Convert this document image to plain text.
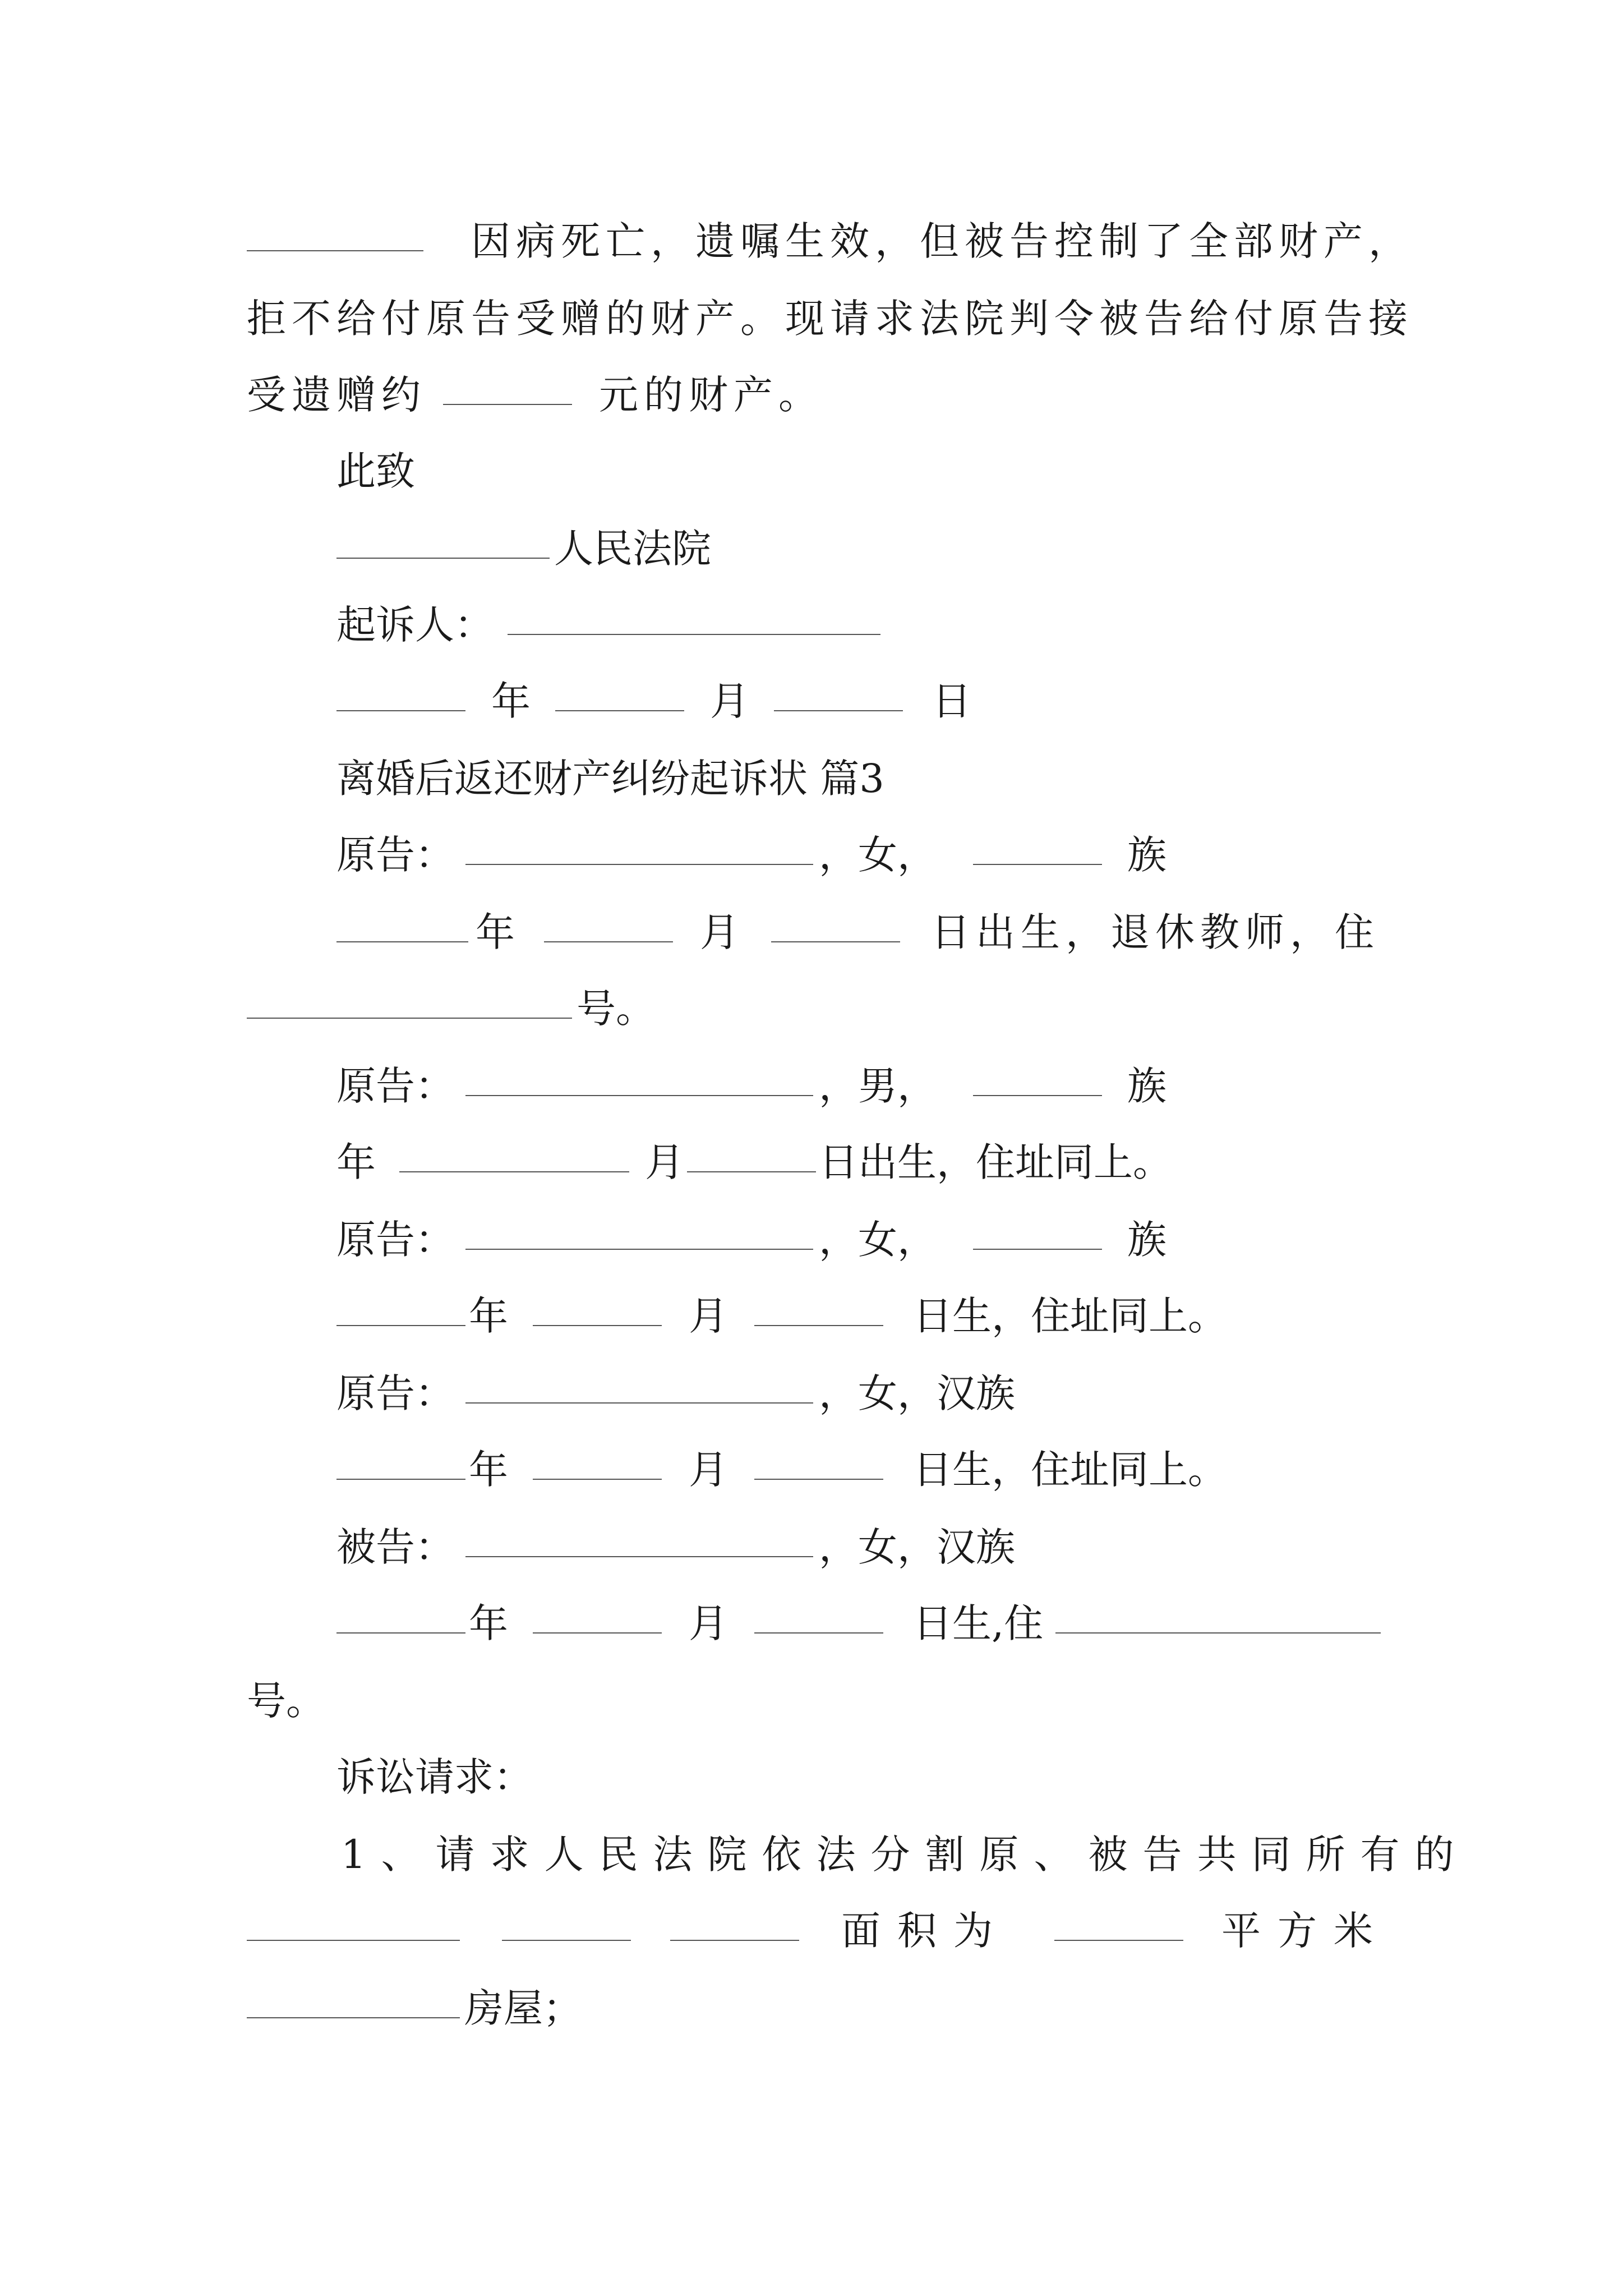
因病死亡，遗嘱生效，但被告控制了全部财产，
拒不给付原告受赠的财产。现请求法院判令被告给付原告接
受遗赠约	元的财产。
此致
人民法院
起诉人：
年	月	日
离婚后返还财产纠纷起诉状 篇3
原告：	，女，	族
年	月	日出生，退休教师，住
号。
原告：	，男，	族
年	月	日出生，住址同上。
原告：	，女，	族
年	月	日生，住址同上。
原告：	，女，汉族
年	月	日生，住址同上。
被告：	，女，汉族
年	月	日生,住
号。
诉讼请求：
1、请求人民法院依法分割原、被告共同所有的
面积为	平方米
房屋；
